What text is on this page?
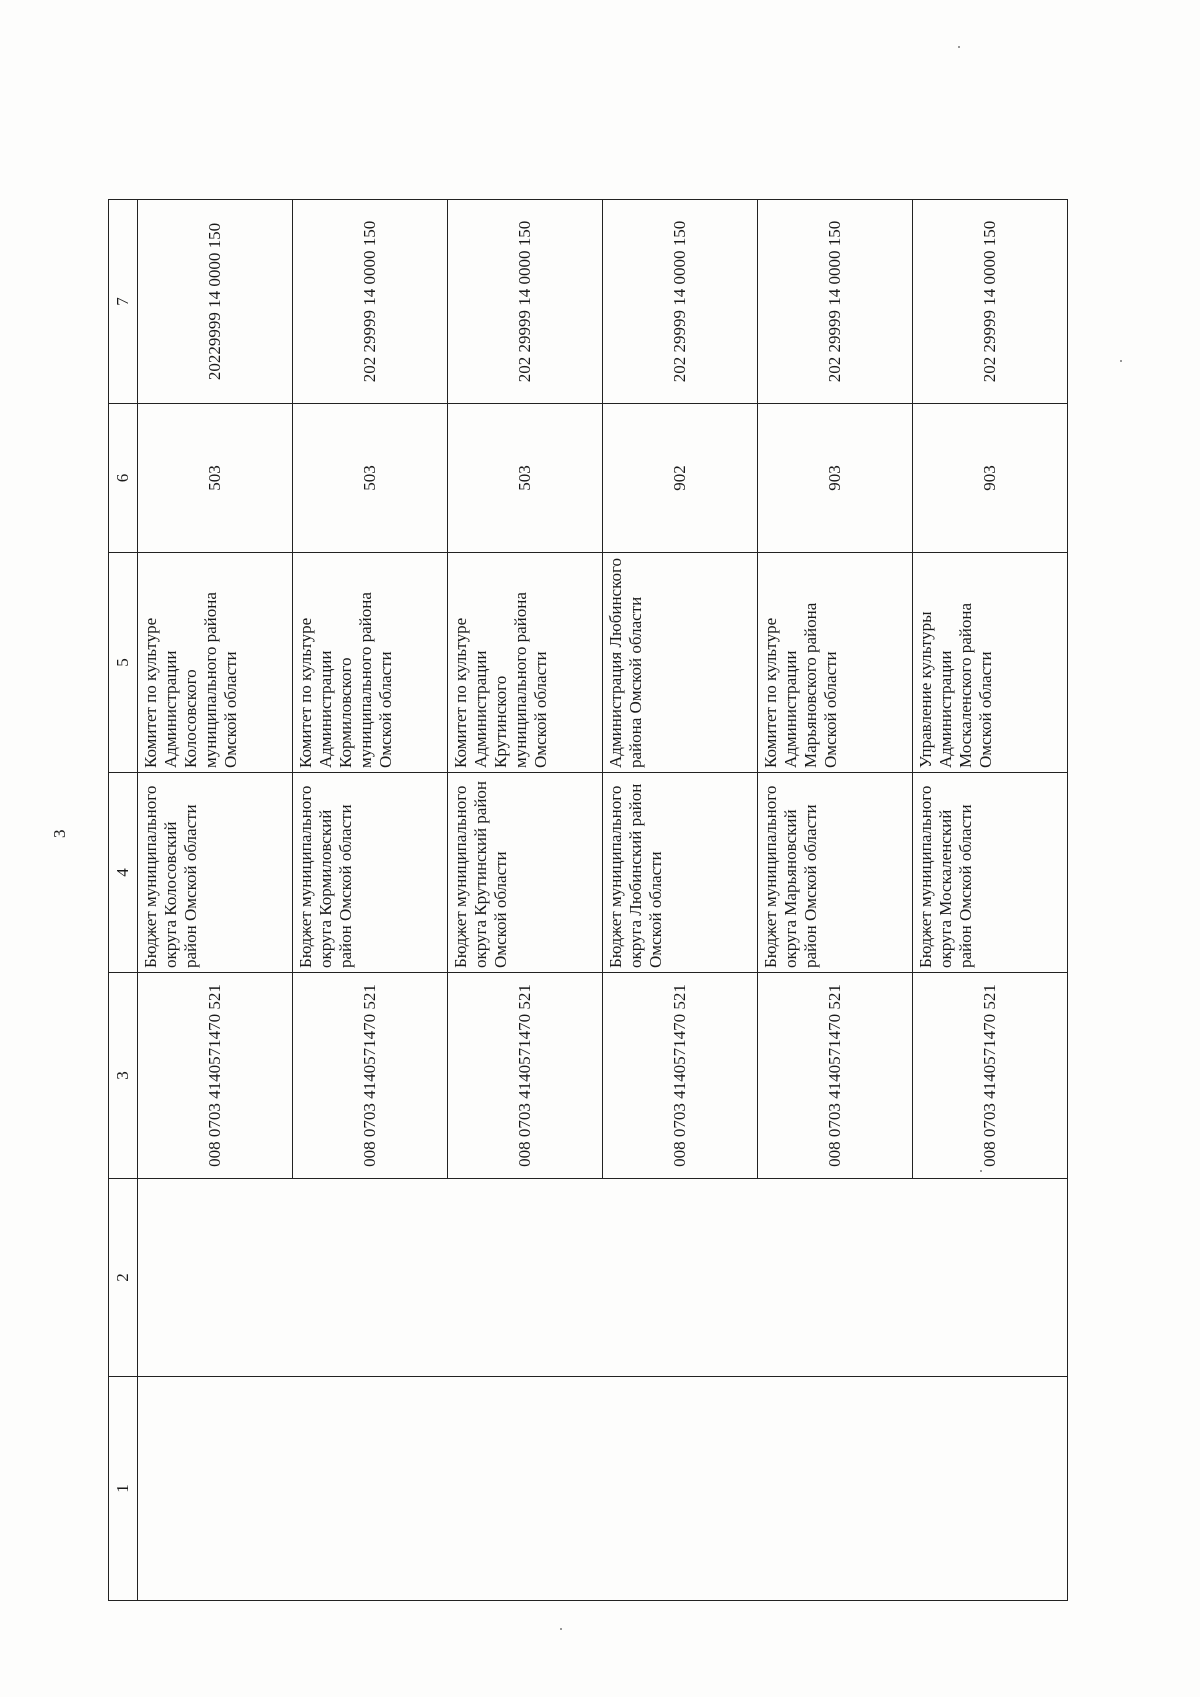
3
1	2	3	4	5	6	7
		008 0703 4140571470 521	Бюджет муниципального округа Колосовский район Омской области	Комитет по культуре Администрации Колосовского муниципального района Омской области	503	20229999 14 0000 150
		008 0703 4140571470 521	Бюджет муниципального округа Кормиловский район Омской области	Комитет по культуре Администрации Кормиловского муниципального района Омской области	503	202 29999 14 0000 150
		008 0703 4140571470 521	Бюджет муниципального округа Крутинский район Омской области	Комитет по культуре Администрации Крутинского муниципального района Омской области	503	202 29999 14 0000 150
		008 0703 4140571470 521	Бюджет муниципального округа Любинский район Омской области	Администрация Любинского района Омской области	902	202 29999 14 0000 150
		008 0703 4140571470 521	Бюджет муниципального округа Марьяновский район Омской области	Комитет по культуре Администрации Марьяновского района Омской области	903	202 29999 14 0000 150
		008 0703 4140571470 521	Бюджет муниципального округа Москаленский район Омской области	Управление культуры Администрации Москаленского района Омской области	903	202 29999 14 0000 150
